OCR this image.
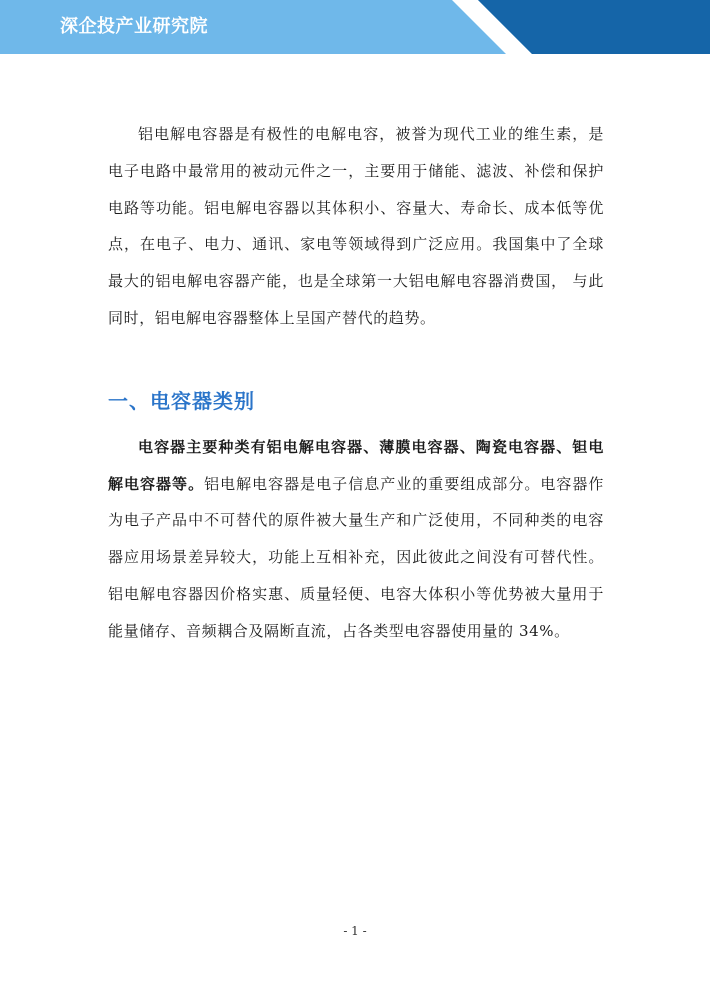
深企投产业研究院

铝电解电容器是有极性的电解电容，被誉为现代工业的维生素，是电子电路中最常用的被动元件之一，主要用于储能、滤波、补偿和保护电路等功能。铝电解电容器以其体积小、容量大、寿命长、成本低等优点，在电子、电力、通讯、家电等领域得到广泛应用。我国集中了全球最大的铝电解电容器产能，也是全球第一大铝电解电容器消费国， 与此同时，铝电解电容器整体上呈国产替代的趋势。

一、电容器类别

电容器主要种类有铝电解电容器、薄膜电容器、陶瓷电容器、钽电解电容器等。铝电解电容器是电子信息产业的重要组成部分。电容器作为电子产品中不可替代的原件被大量生产和广泛使用，不同种类的电容器应用场景差异较大，功能上互相补充，因此彼此之间没有可替代性。铝电解电容器因价格实惠、质量轻便、电容大体积小等优势被大量用于能量储存、音频耦合及隔断直流，占各类型电容器使用量的 34%。

- 1 -
